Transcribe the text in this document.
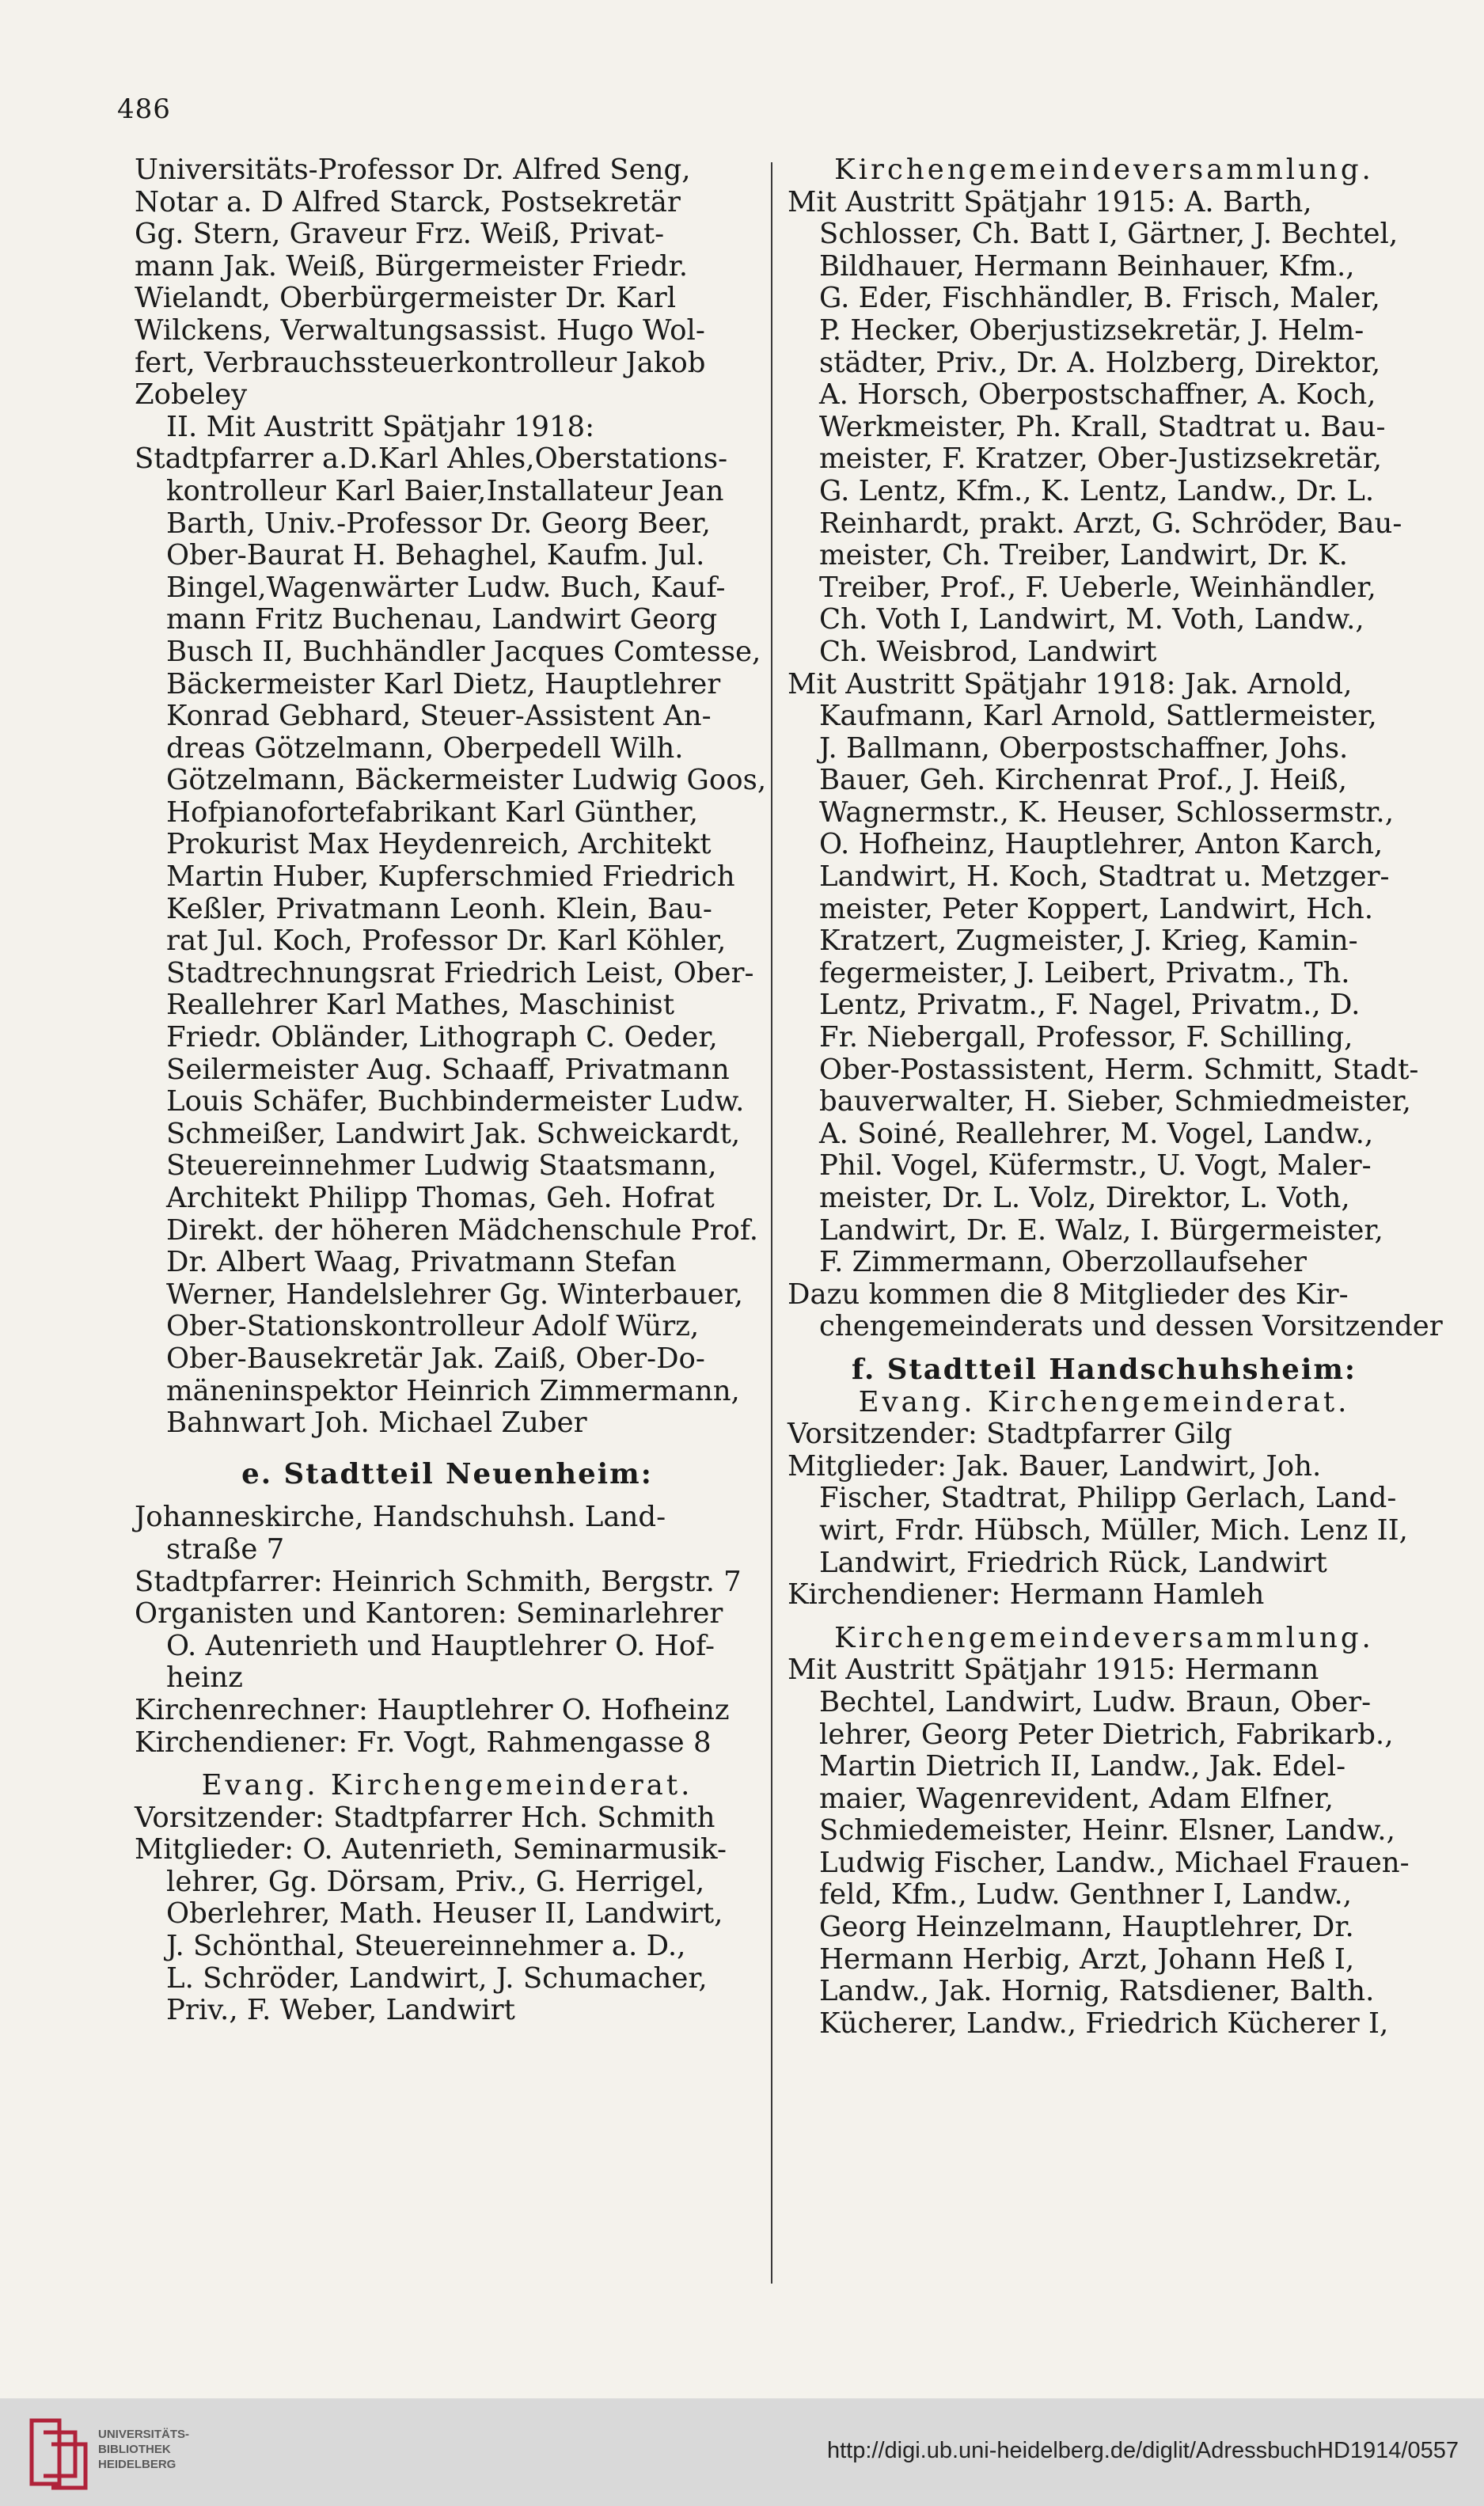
486
Universitäts-Professor Dr. Alfred Seng,
Notar a. D Alfred Starck, Postsekretär
Gg. Stern, Graveur Frz. Weiß, Privat-
mann Jak. Weiß, Bürgermeister Friedr.
Wielandt, Oberbürgermeister Dr. Karl
Wilckens, Verwaltungsassist. Hugo Wol-
fert, Verbrauchssteuerkontrolleur Jakob
Zobeley
II. Mit Austritt Spätjahr 1918:
Stadtpfarrer a.D.Karl Ahles,Oberstations-
kontrolleur Karl Baier,Installateur Jean
Barth, Univ.-Professor Dr. Georg Beer,
Ober-Baurat H. Behaghel, Kaufm. Jul.
Bingel,Wagenwärter Ludw. Buch, Kauf-
mann Fritz Buchenau, Landwirt Georg
Busch II, Buchhändler Jacques Comtesse,
Bäckermeister Karl Dietz, Hauptlehrer
Konrad Gebhard, Steuer-Assistent An-
dreas Götzelmann, Oberpedell Wilh.
Götzelmann, Bäckermeister Ludwig Goos,
Hofpianofortefabrikant Karl Günther,
Prokurist Max Heydenreich, Architekt
Martin Huber, Kupferschmied Friedrich
Keßler, Privatmann Leonh. Klein, Bau-
rat Jul. Koch, Professor Dr. Karl Köhler,
Stadtrechnungsrat Friedrich Leist, Ober-
Reallehrer Karl Mathes, Maschinist
Friedr. Obländer, Lithograph C. Oeder,
Seilermeister Aug. Schaaff, Privatmann
Louis Schäfer, Buchbindermeister Ludw.
Schmeißer, Landwirt Jak. Schweickardt,
Steuereinnehmer Ludwig Staatsmann,
Architekt Philipp Thomas, Geh. Hofrat
Direkt. der höheren Mädchenschule Prof.
Dr. Albert Waag, Privatmann Stefan
Werner, Handelslehrer Gg. Winterbauer,
Ober-Stationskontrolleur Adolf Würz,
Ober-Bausekretär Jak. Zaiß, Ober-Do-
mäneninspektor Heinrich Zimmermann,
Bahnwart Joh. Michael Zuber
e. Stadtteil Neuenheim:
Johanneskirche, Handschuhsh. Land-
straße 7
Stadtpfarrer: Heinrich Schmith, Bergstr. 7
Organisten und Kantoren: Seminarlehrer
O. Autenrieth und Hauptlehrer O. Hof-
heinz
Kirchenrechner: Hauptlehrer O. Hofheinz
Kirchendiener: Fr. Vogt, Rahmengasse 8
Evang. Kirchengemeinderat.
Vorsitzender: Stadtpfarrer Hch. Schmith
Mitglieder: O. Autenrieth, Seminarmusik-
lehrer, Gg. Dörsam, Priv., G. Herrigel,
Oberlehrer, Math. Heuser II, Landwirt,
J. Schönthal, Steuereinnehmer a. D.,
L. Schröder, Landwirt, J. Schumacher,
Priv., F. Weber, Landwirt
Kirchengemeindeversammlung.
Mit Austritt Spätjahr 1915: A. Barth,
Schlosser, Ch. Batt I, Gärtner, J. Bechtel,
Bildhauer, Hermann Beinhauer, Kfm.,
G. Eder, Fischhändler, B. Frisch, Maler,
P. Hecker, Oberjustizsekretär, J. Helm-
städter, Priv., Dr. A. Holzberg, Direktor,
A. Horsch, Oberpostschaffner, A. Koch,
Werkmeister, Ph. Krall, Stadtrat u. Bau-
meister, F. Kratzer, Ober-Justizsekretär,
G. Lentz, Kfm., K. Lentz, Landw., Dr. L.
Reinhardt, prakt. Arzt, G. Schröder, Bau-
meister, Ch. Treiber, Landwirt, Dr. K.
Treiber, Prof., F. Ueberle, Weinhändler,
Ch. Voth I, Landwirt, M. Voth, Landw.,
Ch. Weisbrod, Landwirt
Mit Austritt Spätjahr 1918: Jak. Arnold,
Kaufmann, Karl Arnold, Sattlermeister,
J. Ballmann, Oberpostschaffner, Johs.
Bauer, Geh. Kirchenrat Prof., J. Heiß,
Wagnermstr., K. Heuser, Schlossermstr.,
O. Hofheinz, Hauptlehrer, Anton Karch,
Landwirt, H. Koch, Stadtrat u. Metzger-
meister, Peter Koppert, Landwirt, Hch.
Kratzert, Zugmeister, J. Krieg, Kamin-
fegermeister, J. Leibert, Privatm., Th.
Lentz, Privatm., F. Nagel, Privatm., D.
Fr. Niebergall, Professor, F. Schilling,
Ober-Postassistent, Herm. Schmitt, Stadt-
bauverwalter, H. Sieber, Schmiedmeister,
A. Soiné, Reallehrer, M. Vogel, Landw.,
Phil. Vogel, Küfermstr., U. Vogt, Maler-
meister, Dr. L. Volz, Direktor, L. Voth,
Landwirt, Dr. E. Walz, I. Bürgermeister,
F. Zimmermann, Oberzollaufseher
Dazu kommen die 8 Mitglieder des Kir-
chengemeinderats und dessen Vorsitzender
f. Stadtteil Handschuhsheim:
Evang. Kirchengemeinderat.
Vorsitzender: Stadtpfarrer Gilg
Mitglieder: Jak. Bauer, Landwirt, Joh.
Fischer, Stadtrat, Philipp Gerlach, Land-
wirt, Frdr. Hübsch, Müller, Mich. Lenz II,
Landwirt, Friedrich Rück, Landwirt
Kirchendiener: Hermann Hamleh
Kirchengemeindeversammlung.
Mit Austritt Spätjahr 1915: Hermann
Bechtel, Landwirt, Ludw. Braun, Ober-
lehrer, Georg Peter Dietrich, Fabrikarb.,
Martin Dietrich II, Landw., Jak. Edel-
maier, Wagenrevident, Adam Elfner,
Schmiedemeister, Heinr. Elsner, Landw.,
Ludwig Fischer, Landw., Michael Frauen-
feld, Kfm., Ludw. Genthner I, Landw.,
Georg Heinzelmann, Hauptlehrer, Dr.
Hermann Herbig, Arzt, Johann Heß I,
Landw., Jak. Hornig, Ratsdiener, Balth.
Kücherer, Landw., Friedrich Kücherer I,
UNIVERSITÄTS-
BIBLIOTHEK
HEIDELBERG
http://digi.ub.uni-heidelberg.de/diglit/AdressbuchHD1914/0557
